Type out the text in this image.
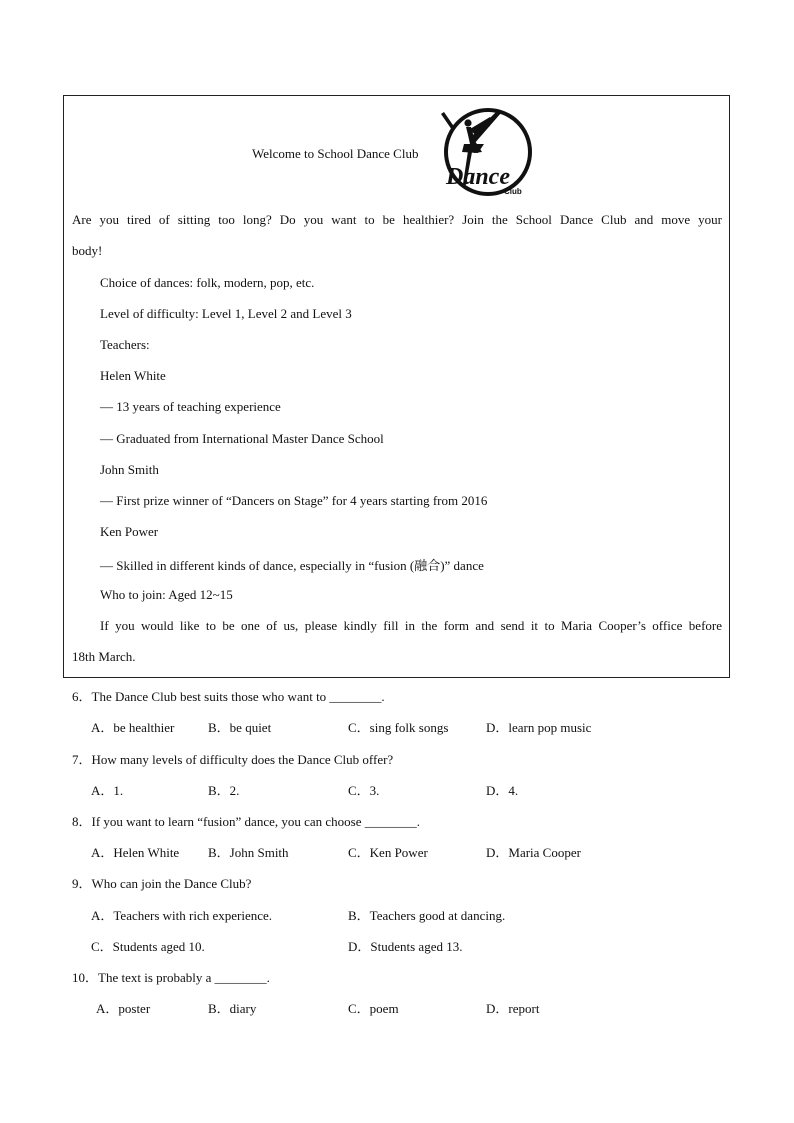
Welcome to School Dance Club
Dance
Club
Are you tired of sitting too long? Do you want to be healthier? Join the School Dance Club and move your
body!
Choice of dances: folk, modern, pop, etc.
Level of difficulty: Level 1, Level 2 and Level 3
Teachers:
Helen White
— 13 years of teaching experience
— Graduated from International Master Dance School
John Smith
— First prize winner of “Dancers on Stage” for 4 years starting from 2016
Ken Power
— Skilled in different kinds of dance, especially in “fusion (融合)” dance
Who to join: Aged 12~15
If you would like to be one of us, please kindly fill in the form and send it to Maria Cooper’s office before
18th March.
6．The Dance Club best suits those who want to ________.
A．be healthier	B．be quiet	C．sing folk songs	D．learn pop music
7．How many levels of difficulty does the Dance Club offer?
A．1.	B．2.	C．3.	D．4.
8．If you want to learn “fusion” dance, you can choose ________.
A．Helen White B．John Smith	C．Ken Power	D．Maria Cooper
9．Who can join the Dance Club?
A．Teachers with rich experience.	B．Teachers good at dancing.
C．Students aged 10.	D．Students aged 13.
10．The text is probably a ________.
A．poster	B．diary	C．poem	D．report
